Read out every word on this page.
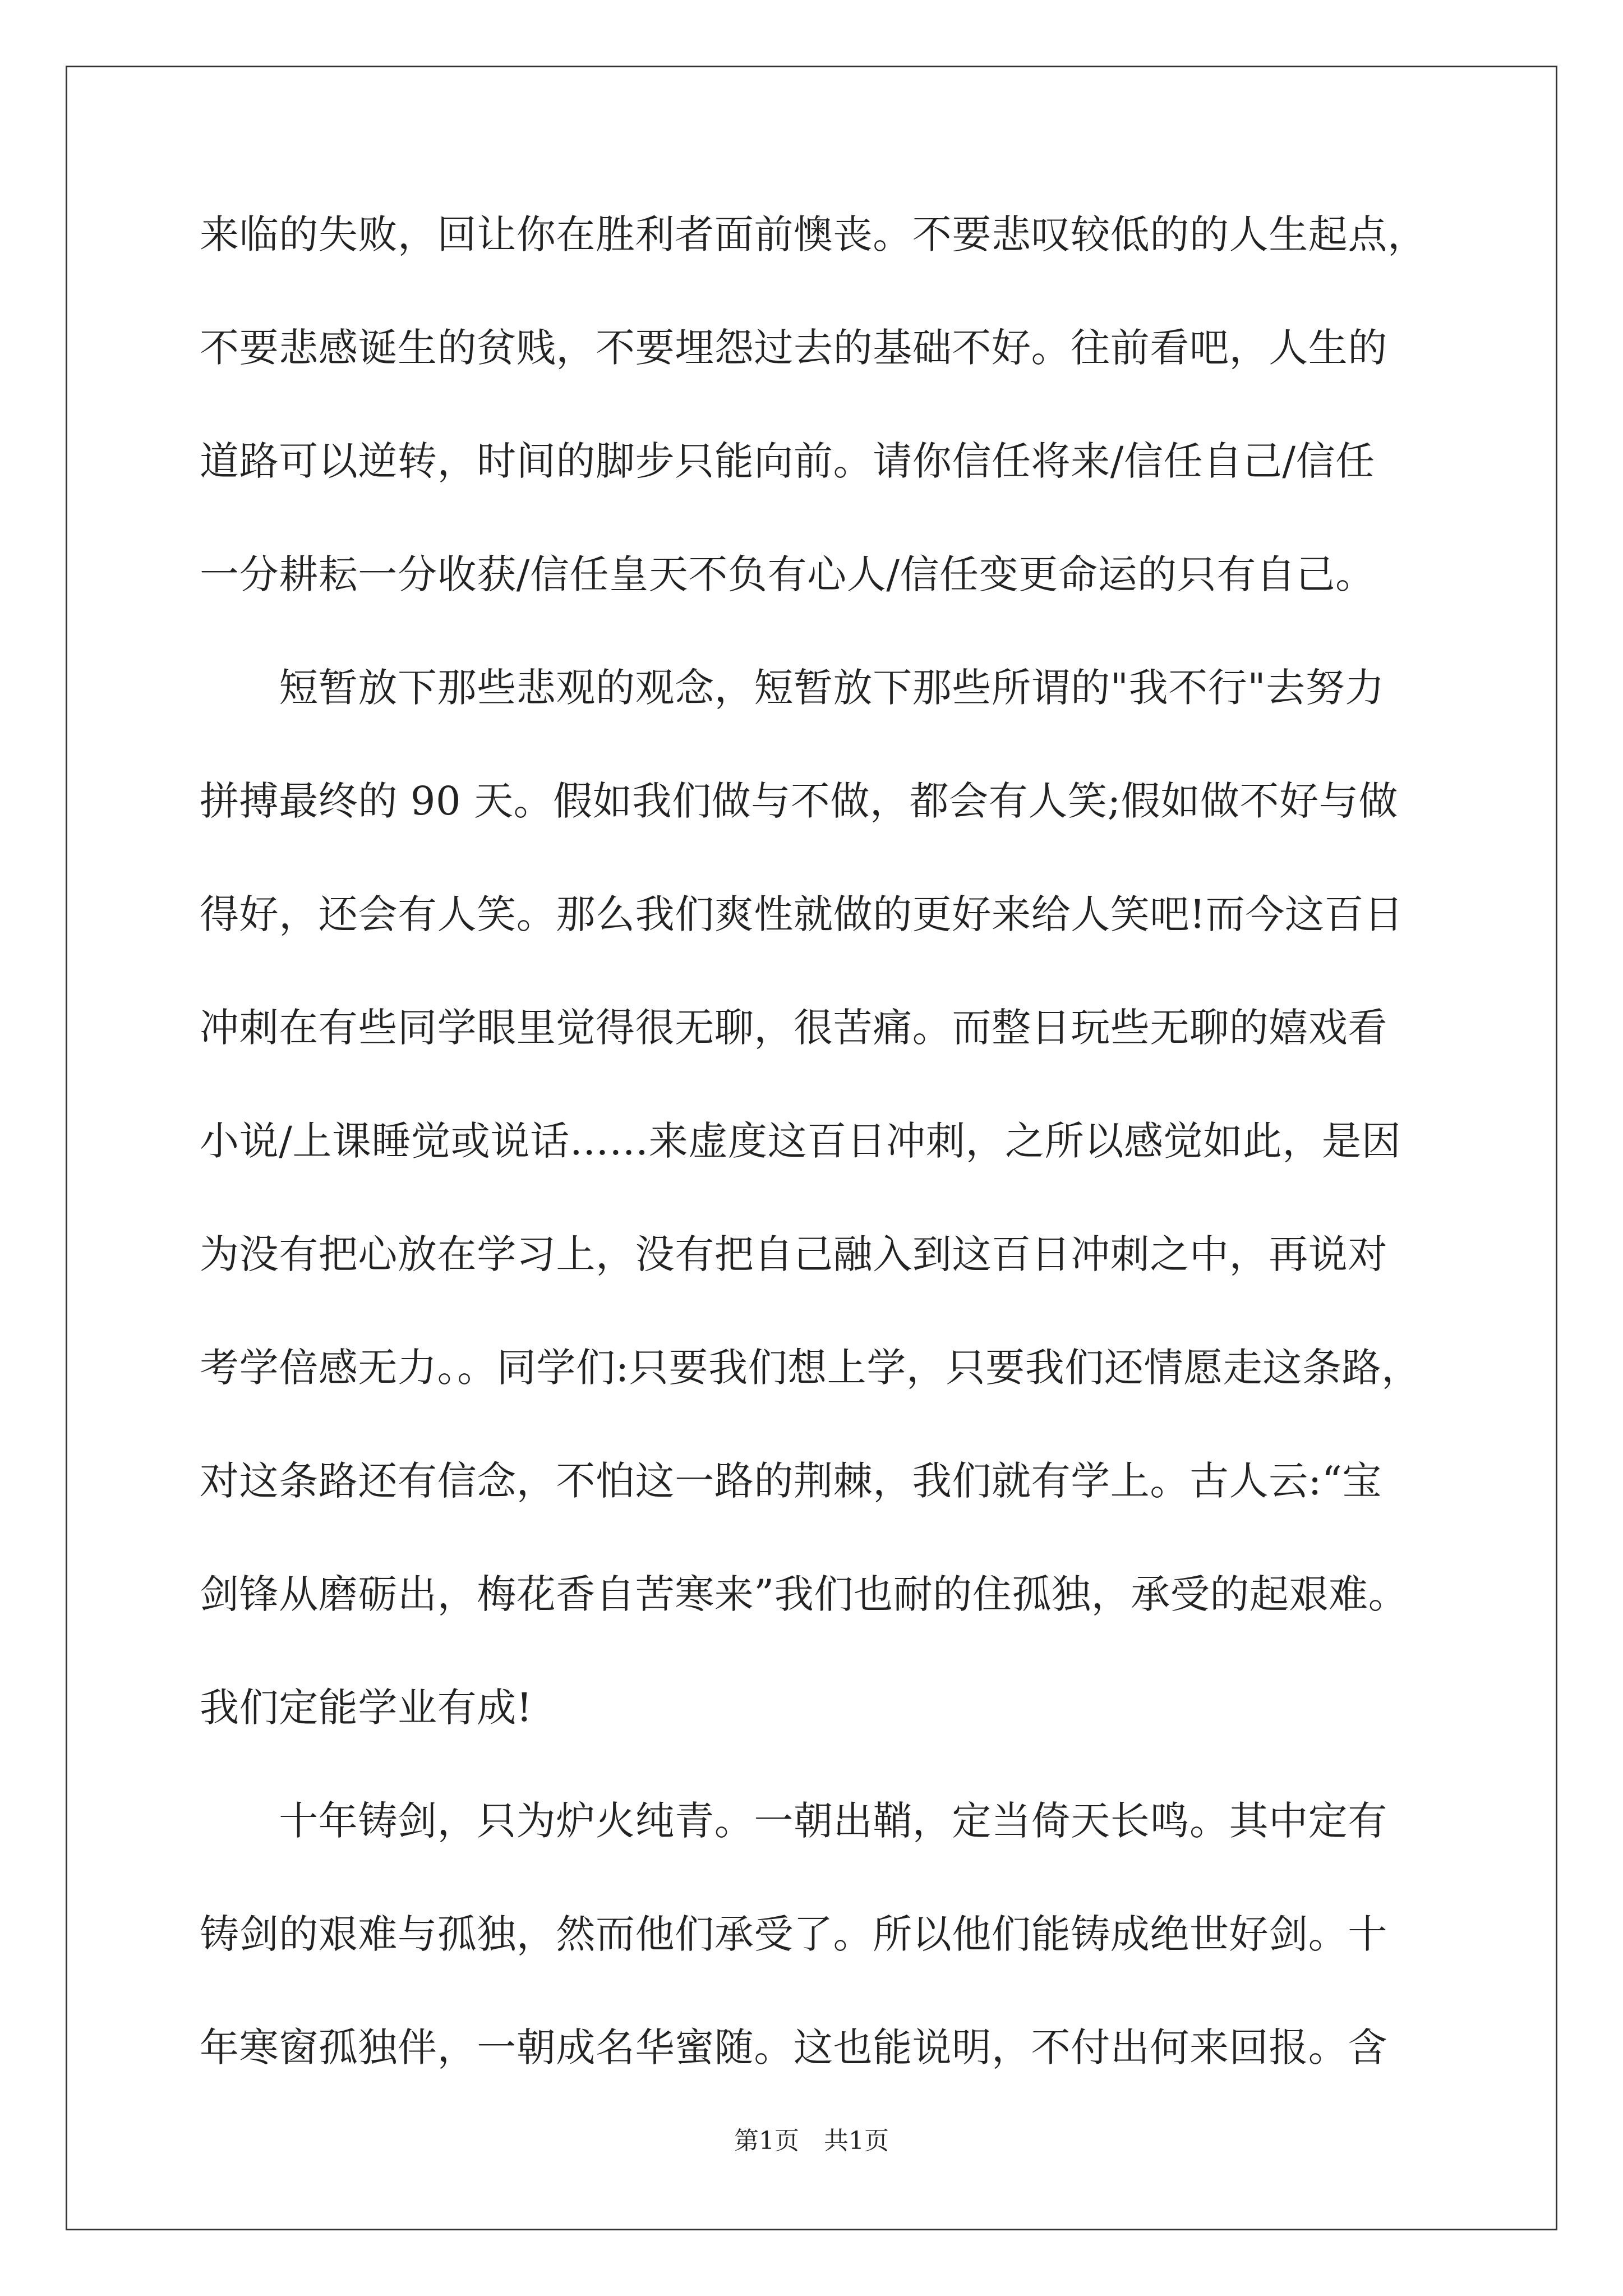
来临的失败，回让你在胜利者面前懊丧。不要悲叹较低的的人生起点，
不要悲感诞生的贫贱，不要埋怨过去的基础不好。往前看吧，人生的
道路可以逆转，时间的脚步只能向前。请你信任将来/信任自己/信任
一分耕耘一分收获/信任皇天不负有心人/信任变更命运的只有自己。
　　短暂放下那些悲观的观念，短暂放下那些所谓的"我不行"去努力
拼搏最终的 90 天。假如我们做与不做，都会有人笑;假如做不好与做
得好，还会有人笑。那么我们爽性就做的更好来给人笑吧!而今这百日
冲刺在有些同学眼里觉得很无聊，很苦痛。而整日玩些无聊的嬉戏看
小说/上课睡觉或说话……来虚度这百日冲刺，之所以感觉如此，是因
为没有把心放在学习上，没有把自己融入到这百日冲刺之中，再说对
考学倍感无力。。同学们:只要我们想上学，只要我们还情愿走这条路，
对这条路还有信念，不怕这一路的荆棘，我们就有学上。古人云:“宝
剑锋从磨砺出，梅花香自苦寒来”我们也耐的住孤独，承受的起艰难。
我们定能学业有成!
　　十年铸剑，只为炉火纯青。一朝出鞘，定当倚天长鸣。其中定有
铸剑的艰难与孤独，然而他们承受了。所以他们能铸成绝世好剑。十
年寒窗孤独伴，一朝成名华蜜随。这也能说明，不付出何来回报。含
第1页　共1页
